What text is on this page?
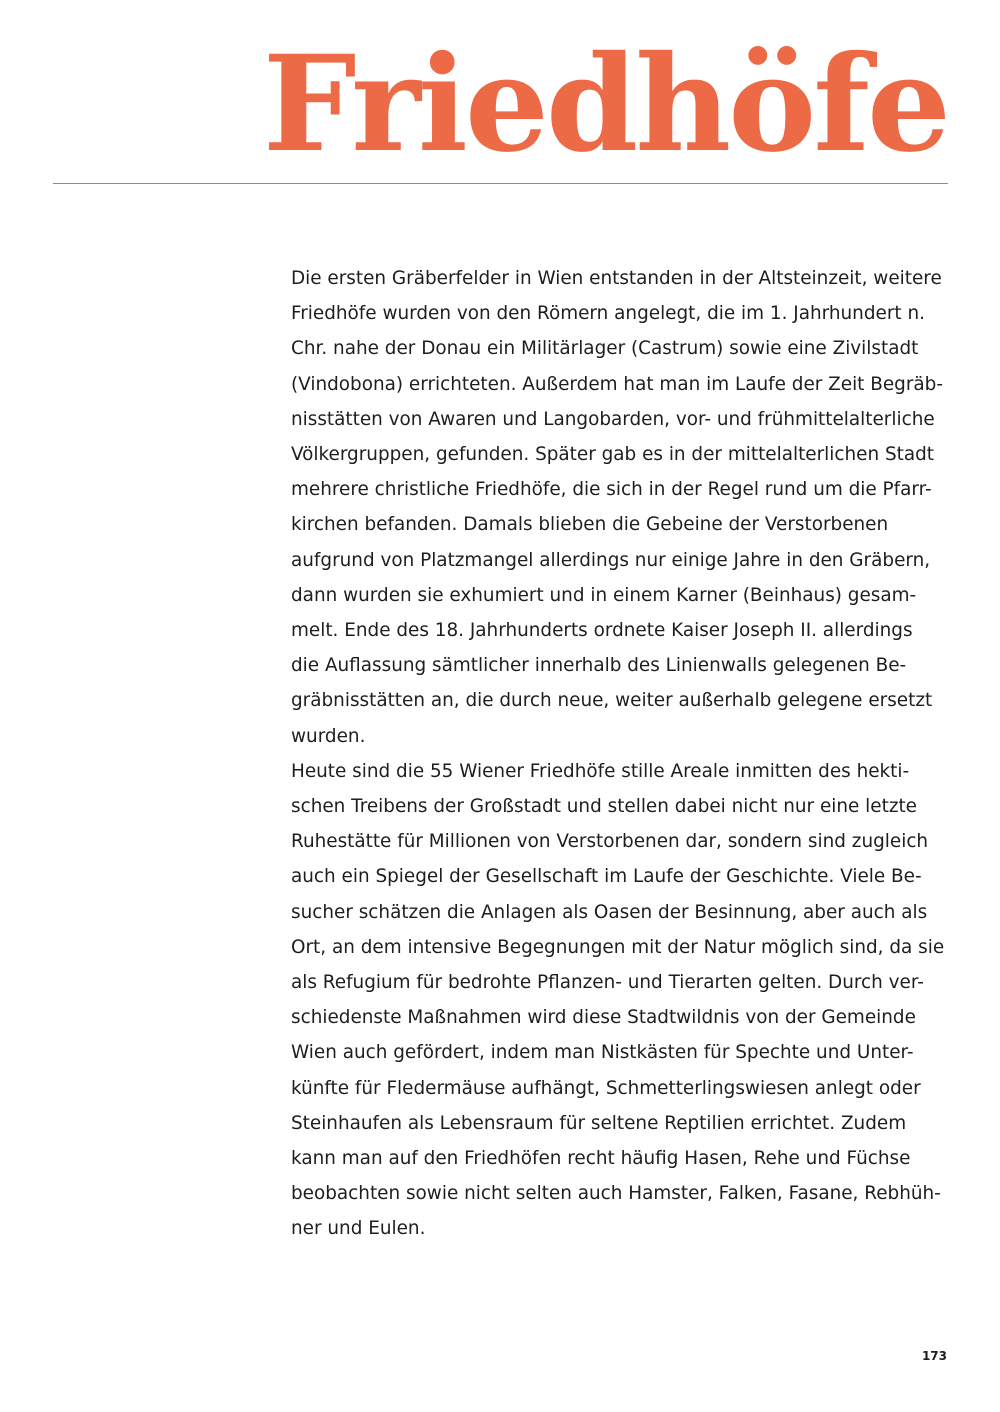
Friedhöfe
Die ersten Gräberfelder in Wien entstanden in der Altsteinzeit, weitere
Friedhöfe wurden von den Römern angelegt, die im 1. Jahrhundert n.
Chr. nahe der Donau ein Militärlager (Castrum) sowie eine Zivilstadt
(Vindobona) errichteten. Außerdem hat man im Laufe der Zeit Begräb-
nisstätten von Awaren und Langobarden, vor- und frühmittelalterliche
Völkergruppen, gefunden. Später gab es in der mittelalterlichen Stadt
mehrere christliche Friedhöfe, die sich in der Regel rund um die Pfarr-
kirchen befanden. Damals blieben die Gebeine der Verstorbenen
aufgrund von Platzmangel allerdings nur einige Jahre in den Gräbern,
dann wurden sie exhumiert und in einem Karner (Beinhaus) gesam-
melt. Ende des 18. Jahrhunderts ordnete Kaiser Joseph II. allerdings
die Auflassung sämtlicher innerhalb des Linienwalls gelegenen Be-
gräbnisstätten an, die durch neue, weiter außerhalb gelegene ersetzt
wurden.
Heute sind die 55 Wiener Friedhöfe stille Areale inmitten des hekti-
schen Treibens der Großstadt und stellen dabei nicht nur eine letzte
Ruhestätte für Millionen von Verstorbenen dar, sondern sind zugleich
auch ein Spiegel der Gesellschaft im Laufe der Geschichte. Viele Be-
sucher schätzen die Anlagen als Oasen der Besinnung, aber auch als
Ort, an dem intensive Begegnungen mit der Natur möglich sind, da sie
als Refugium für bedrohte Pflanzen- und Tierarten gelten. Durch ver-
schiedenste Maßnahmen wird diese Stadtwildnis von der Gemeinde
Wien auch gefördert, indem man Nistkästen für Spechte und Unter-
künfte für Fledermäuse aufhängt, Schmetterlingswiesen anlegt oder
Steinhaufen als Lebensraum für seltene Reptilien errichtet. Zudem
kann man auf den Friedhöfen recht häufig Hasen, Rehe und Füchse
beobachten sowie nicht selten auch Hamster, Falken, Fasane, Rebhüh-
ner und Eulen.
173
